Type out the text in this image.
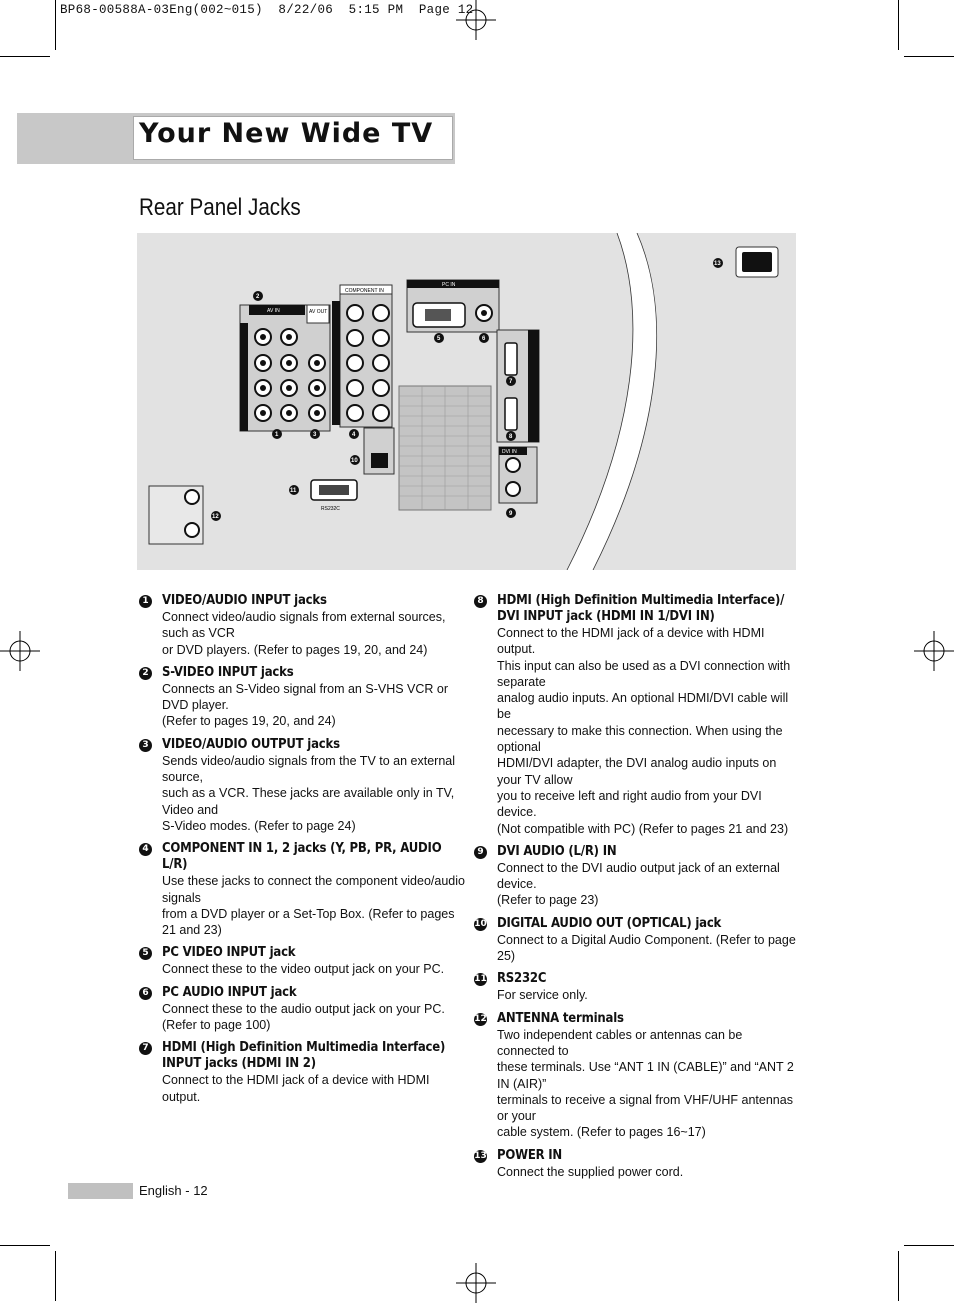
BP68-00588A-03Eng(002~015)  8/22/06  5:15 PM  Page 12
Your New Wide TV
Rear Panel Jacks
AV IN	AV OUT
COMPONENT IN
PC IN
DVI IN
RS232C
2
1	3	4
10
11
12
5	6
7
8
9
13
1 VIDEO/AUDIO INPUT jacks
Connect video/audio signals from external sources, such as VCR
or DVD players. (Refer to pages 19, 20, and 24)
2 S-VIDEO INPUT jacks
Connects an S-Video signal from an S-VHS VCR or DVD player.
(Refer to pages 19, 20, and 24)
3 VIDEO/AUDIO OUTPUT jacks
Sends video/audio signals from the TV to an external source,
such as a VCR. These jacks are available only in TV, Video and
S-Video modes. (Refer to page 24)
4 COMPONENT IN 1, 2 jacks (Y, PB, PR, AUDIO L/R)
Use these jacks to connect the component video/audio signals
from a DVD player or a Set-Top Box. (Refer to pages 21 and 23)
5 PC VIDEO INPUT jack
Connect these to the video output jack on your PC.
6 PC AUDIO INPUT jack
Connect these to the audio output jack on your PC.
(Refer to page 100)
7 HDMI (High Definition Multimedia Interface)
INPUT jacks (HDMI IN 2)
Connect to the HDMI jack of a device with HDMI output.
8 HDMI (High Definition Multimedia Interface)/
DVI INPUT jack (HDMI IN 1/DVI IN)
Connect to the HDMI jack of a device with HDMI output.
This input can also be used as a DVI connection with separate
analog audio inputs. An optional HDMI/DVI cable will be
necessary to make this connection. When using the optional
HDMI/DVI adapter, the DVI analog audio inputs on your TV allow
you to receive left and right audio from your DVI device.
(Not compatible with PC) (Refer to pages 21 and 23)
9 DVI AUDIO (L/R) IN
Connect to the DVI audio output jack of an external device.
(Refer to page 23)
10 DIGITAL AUDIO OUT (OPTICAL) jack
Connect to a Digital Audio Component. (Refer to page 25)
11 RS232C
For service only.
12 ANTENNA terminals
Two independent cables or antennas can be connected to
these terminals. Use “ANT 1 IN (CABLE)” and “ANT 2 IN (AIR)”
terminals to receive a signal from VHF/UHF antennas or your
cable system. (Refer to pages 16~17)
13 POWER IN
Connect the supplied power cord.
English - 12
